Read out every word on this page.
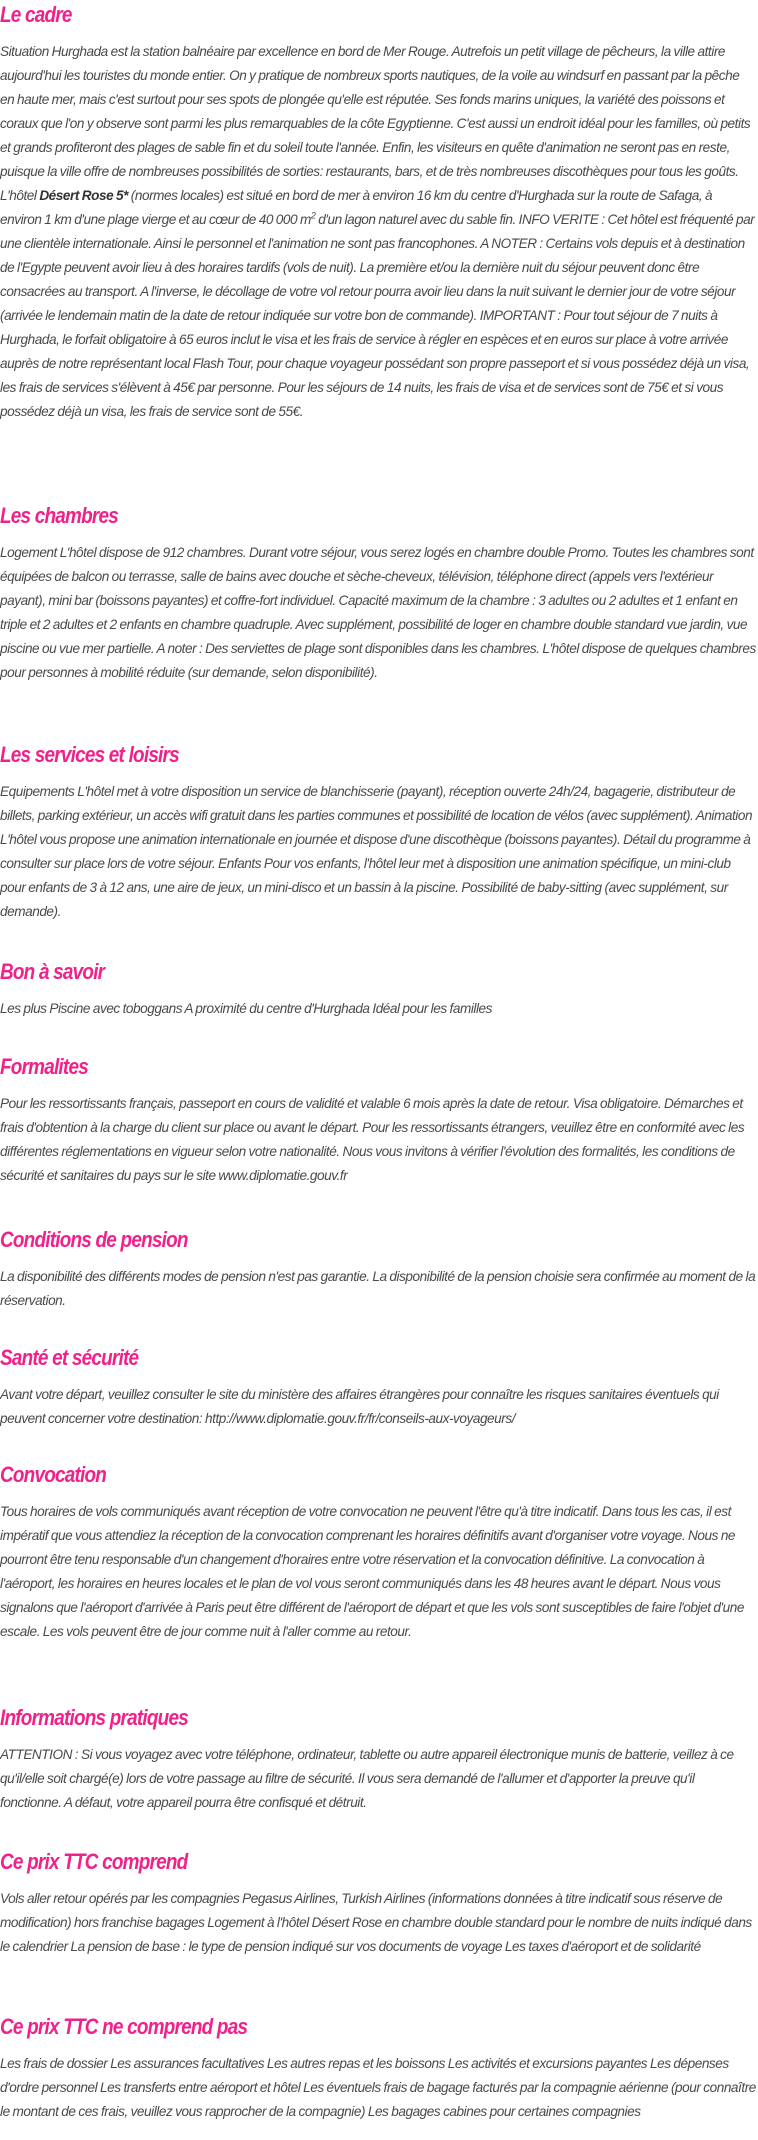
Le cadre

Situation Hurghada est la station balnéaire par excellence en bord de Mer Rouge. Autrefois un petit village de pêcheurs, la ville attire aujourd'hui les touristes du monde entier. On y pratique de nombreux sports nautiques, de la voile au windsurf en passant par la pêche en haute mer, mais c'est surtout pour ses spots de plongée qu'elle est réputée. Ses fonds marins uniques, la variété des poissons et coraux que l'on y observe sont parmi les plus remarquables de la côte Egyptienne. C'est aussi un endroit idéal pour les familles, où petits et grands profiteront des plages de sable fin et du soleil toute l'année. Enfin, les visiteurs en quête d'animation ne seront pas en reste, puisque la ville offre de nombreuses possibilités de sorties: restaurants, bars, et de très nombreuses discothèques pour tous les goûts. L'hôtel Désert Rose 5* (normes locales) est situé en bord de mer à environ 16 km du centre d'Hurghada sur la route de Safaga, à environ 1 km d'une plage vierge et au cœur de 40 000 $m^2$ d'un lagon naturel avec du sable fin. INFO VERITE : Cet hôtel est fréquenté par une clientèle internationale. Ainsi le personnel et l'animation ne sont pas francophones. A NOTER : Certains vols depuis et à destination de l'Egypte peuvent avoir lieu à des horaires tardifs (vols de nuit). La première et/ou la dernière nuit du séjour peuvent donc être consacrées au transport. A l'inverse, le décollage de votre vol retour pourra avoir lieu dans la nuit suivant le dernier jour de votre séjour (arrivée le lendemain matin de la date de retour indiquée sur votre bon de commande). IMPORTANT : Pour tout séjour de 7 nuits à Hurghada, le forfait obligatoire à 65 euros inclut le visa et les frais de service à régler en espèces et en euros sur place à votre arrivée auprès de notre représentant local Flash Tour, pour chaque voyageur possédant son propre passeport et si vous possédez déjà un visa, les frais de services s'élèvent à 45€ par personne. Pour les séjours de 14 nuits, les frais de visa et de services sont de 75€ et si vous possédez déjà un visa, les frais de service sont de 55€.

Les chambres

Logement L'hôtel dispose de 912 chambres. Durant votre séjour, vous serez logés en chambre double Promo. Toutes les chambres sont équipées de balcon ou terrasse, salle de bains avec douche et sèche-cheveux, télévision, téléphone direct (appels vers l'extérieur payant), mini bar (boissons payantes) et coffre-fort individuel. Capacité maximum de la chambre : 3 adultes ou 2 adultes et 1 enfant en triple et 2 adultes et 2 enfants en chambre quadruple. Avec supplément, possibilité de loger en chambre double standard vue jardin, vue piscine ou vue mer partielle. A noter : Des serviettes de plage sont disponibles dans les chambres. L'hôtel dispose de quelques chambres pour personnes à mobilité réduite (sur demande, selon disponibilité).

Les services et loisirs

Equipements L'hôtel met à votre disposition un service de blanchisserie (payant), réception ouverte 24h/24, bagagerie, distributeur de billets, parking extérieur, un accès wifi gratuit dans les parties communes et possibilité de location de vélos (avec supplément). Animation L'hôtel vous propose une animation internationale en journée et dispose d'une discothèque (boissons payantes). Détail du programme à consulter sur place lors de votre séjour. Enfants Pour vos enfants, l'hôtel leur met à disposition une animation spécifique, un mini-club pour enfants de 3 à 12 ans, une aire de jeux, un mini-disco et un bassin à la piscine. Possibilité de baby-sitting (avec supplément, sur demande).

Bon à savoir

Les plus Piscine avec toboggans A proximité du centre d'Hurghada Idéal pour les familles

Formalites

Pour les ressortissants français, passeport en cours de validité et valable 6 mois après la date de retour. Visa obligatoire. Démarches et frais d'obtention à la charge du client sur place ou avant le départ. Pour les ressortissants étrangers, veuillez être en conformité avec les différentes réglementations en vigueur selon votre nationalité. Nous vous invitons à vérifier l'évolution des formalités, les conditions de sécurité et sanitaires du pays sur le site www.diplomatie.gouv.fr

Conditions de pension

La disponibilité des différents modes de pension n'est pas garantie. La disponibilité de la pension choisie sera confirmée au moment de la réservation.

Santé et sécurité

Avant votre départ, veuillez consulter le site du ministère des affaires étrangères pour connaître les risques sanitaires éventuels qui peuvent concerner votre destination: http://www.diplomatie.gouv.fr/fr/conseils-aux-voyageurs/

Convocation

Tous horaires de vols communiqués avant réception de votre convocation ne peuvent l'être qu'à titre indicatif. Dans tous les cas, il est impératif que vous attendiez la réception de la convocation comprenant les horaires définitifs avant d'organiser votre voyage. Nous ne pourront être tenu responsable d'un changement d'horaires entre votre réservation et la convocation définitive. La convocation à l'aéroport, les horaires en heures locales et le plan de vol vous seront communiqués dans les 48 heures avant le départ. Nous vous signalons que l'aéroport d'arrivée à Paris peut être différent de l'aéroport de départ et que les vols sont susceptibles de faire l'objet d'une escale. Les vols peuvent être de jour comme nuit à l'aller comme au retour.

Informations pratiques

ATTENTION : Si vous voyagez avec votre téléphone, ordinateur, tablette ou autre appareil électronique munis de batterie, veillez à ce qu'il/elle soit chargé(e) lors de votre passage au filtre de sécurité. Il vous sera demandé de l'allumer et d'apporter la preuve qu'il fonctionne. A défaut, votre appareil pourra être confisqué et détruit.

Ce prix TTC comprend

Vols aller retour opérés par les compagnies Pegasus Airlines, Turkish Airlines (informations données à titre indicatif sous réserve de modification) hors franchise bagages Logement à l'hôtel Désert Rose en chambre double standard pour le nombre de nuits indiqué dans le calendrier La pension de base : le type de pension indiqué sur vos documents de voyage Les taxes d'aéroport et de solidarité

Ce prix TTC ne comprend pas

Les frais de dossier Les assurances facultatives Les autres repas et les boissons Les activités et excursions payantes Les dépenses d'ordre personnel Les transferts entre aéroport et hôtel Les éventuels frais de bagage facturés par la compagnie aérienne (pour connaître le montant de ces frais, veuillez vous rapprocher de la compagnie) Les bagages cabines pour certaines compagnies
